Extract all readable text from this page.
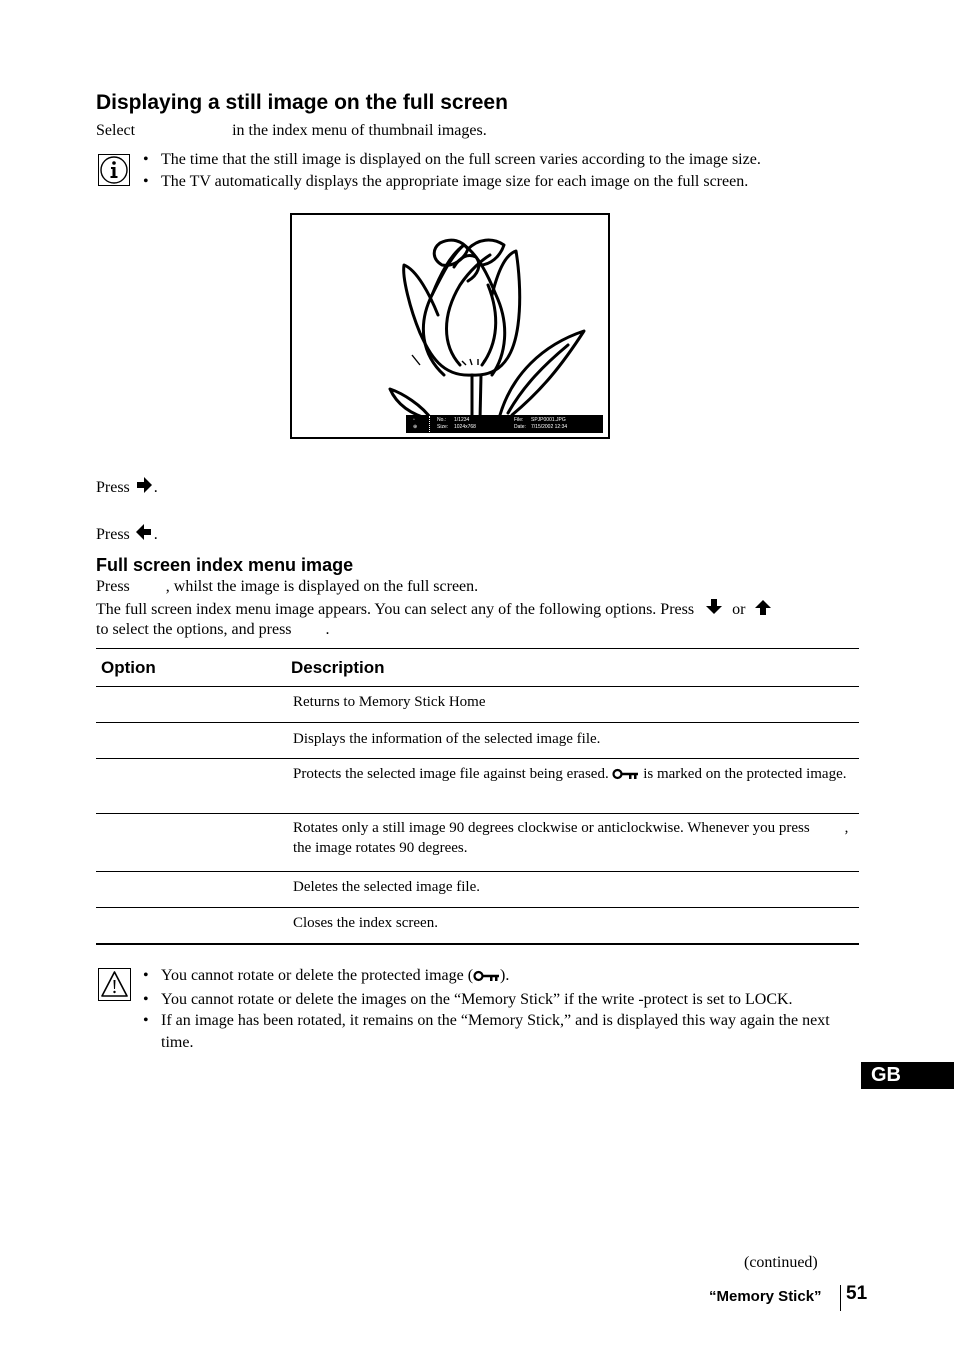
Displaying a still image on the full screen
Select	in the index menu of thumbnail images.
• The time that the still image is displayed on the full screen varies according to the image size.
• The TV automatically displays the appropriate image size for each image on the full screen.
▫
⊕
No.: 1/1234
Size: 1024x768
File: SPJP0001.JPG
Date: 7/15/2002 12:34
Press .
Press .
Full screen index menu image
Press , whilst the image is displayed on the full screen.
The full screen index menu image appears. You can select any of the following options. Press or
to select the options, and press .
Option	Description
Returns to Memory Stick Home
Displays the information of the selected image file.
Protects the selected image file against being erased. is marked on the protected image.
Rotates only a still image 90 degrees clockwise or anticlockwise. Whenever you press , the image rotates 90 degrees.
Deletes the selected image file.
Closes the index screen.
• You cannot rotate or delete the protected image ( ).
• You cannot rotate or delete the images on the “Memory Stick” if the write -protect is set to LOCK.
• If an image has been rotated, it remains on the “Memory Stick,” and is displayed this way again the next time.
GB
(continued)
“Memory Stick” 51
